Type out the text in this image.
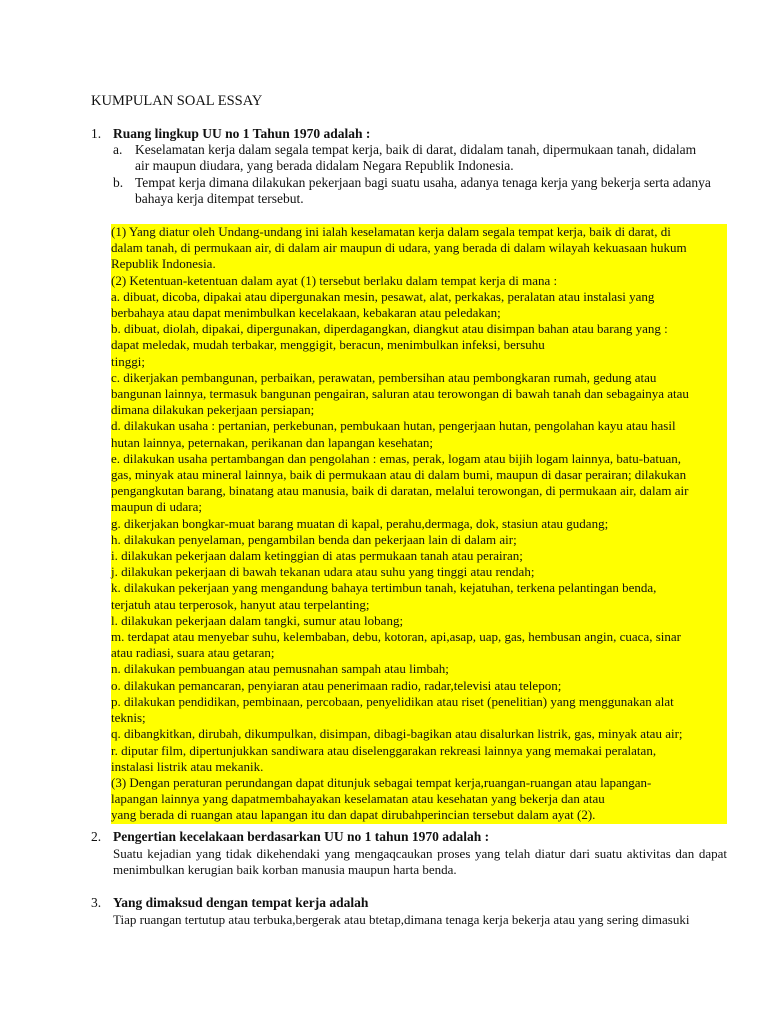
KUMPULAN SOAL ESSAY
1. Ruang lingkup UU no 1 Tahun 1970 adalah :
a. Keselamatan kerja dalam segala tempat kerja, baik di darat, didalam tanah, dipermukaan tanah, didalam
air maupun diudara, yang berada didalam Negara Republik Indonesia.
b. Tempat kerja dimana dilakukan pekerjaan bagi suatu usaha, adanya tenaga kerja yang bekerja serta adanya
bahaya kerja ditempat tersebut.
(1) Yang diatur oleh Undang-undang ini ialah keselamatan kerja dalam segala tempat kerja, baik di darat, di
dalam tanah, di permukaan air, di dalam air maupun di udara, yang berada di dalam wilayah kekuasaan hukum
Republik Indonesia.
(2) Ketentuan-ketentuan dalam ayat (1) tersebut berlaku dalam tempat kerja di mana :
a. dibuat, dicoba, dipakai atau dipergunakan mesin, pesawat, alat, perkakas, peralatan atau instalasi yang
berbahaya atau dapat menimbulkan kecelakaan, kebakaran atau peledakan;
b. dibuat, diolah, dipakai, dipergunakan, diperdagangkan, diangkut atau disimpan bahan atau barang yang :
dapat meledak, mudah terbakar, menggigit, beracun, menimbulkan infeksi, bersuhu
tinggi;
c. dikerjakan pembangunan, perbaikan, perawatan, pembersihan atau pembongkaran rumah, gedung atau
bangunan lainnya, termasuk bangunan pengairan, saluran atau terowongan di bawah tanah dan sebagainya atau
dimana dilakukan pekerjaan persiapan;
d. dilakukan usaha : pertanian, perkebunan, pembukaan hutan, pengerjaan hutan, pengolahan kayu atau hasil
hutan lainnya, peternakan, perikanan dan lapangan kesehatan;
e. dilakukan usaha pertambangan dan pengolahan : emas, perak, logam atau bijih logam lainnya, batu-batuan,
gas, minyak atau mineral lainnya, baik di permukaan atau di dalam bumi, maupun di dasar perairan; dilakukan
pengangkutan barang, binatang atau manusia, baik di daratan, melalui terowongan, di permukaan air, dalam air
maupun di udara;
g. dikerjakan bongkar-muat barang muatan di kapal, perahu,dermaga, dok, stasiun atau gudang;
h. dilakukan penyelaman, pengambilan benda dan pekerjaan lain di dalam air;
i. dilakukan pekerjaan dalam ketinggian di atas permukaan tanah atau perairan;
j. dilakukan pekerjaan di bawah tekanan udara atau suhu yang tinggi atau rendah;
k. dilakukan pekerjaan yang mengandung bahaya tertimbun tanah, kejatuhan, terkena pelantingan benda,
terjatuh atau terperosok, hanyut atau terpelanting;
l. dilakukan pekerjaan dalam tangki, sumur atau lobang;
m. terdapat atau menyebar suhu, kelembaban, debu, kotoran, api,asap, uap, gas, hembusan angin, cuaca, sinar
atau radiasi, suara atau getaran;
n. dilakukan pembuangan atau pemusnahan sampah atau limbah;
o. dilakukan pemancaran, penyiaran atau penerimaan radio, radar,televisi atau telepon;
p. dilakukan pendidikan, pembinaan, percobaan, penyelidikan atau riset (penelitian) yang menggunakan alat
teknis;
q. dibangkitkan, dirubah, dikumpulkan, disimpan, dibagi-bagikan atau disalurkan listrik, gas, minyak atau air;
r. diputar film, dipertunjukkan sandiwara atau diselenggarakan rekreasi lainnya yang memakai peralatan,
instalasi listrik atau mekanik.
(3) Dengan peraturan perundangan dapat ditunjuk sebagai tempat kerja,ruangan-ruangan atau lapangan-
lapangan lainnya yang dapatmembahayakan keselamatan atau kesehatan yang bekerja dan atau
yang berada di ruangan atau lapangan itu dan dapat dirubahperincian tersebut dalam ayat (2).
2. Pengertian kecelakaan berdasarkan UU no 1 tahun 1970 adalah :
Suatu kejadian yang tidak dikehendaki yang mengaqcaukan proses yang telah diatur dari suatu aktivitas dan dapat menimbulkan kerugian baik korban manusia maupun harta benda.
3. Yang dimaksud dengan tempat kerja adalah
Tiap ruangan tertutup atau terbuka,bergerak atau btetap,dimana tenaga kerja bekerja atau yang sering dimasuki
